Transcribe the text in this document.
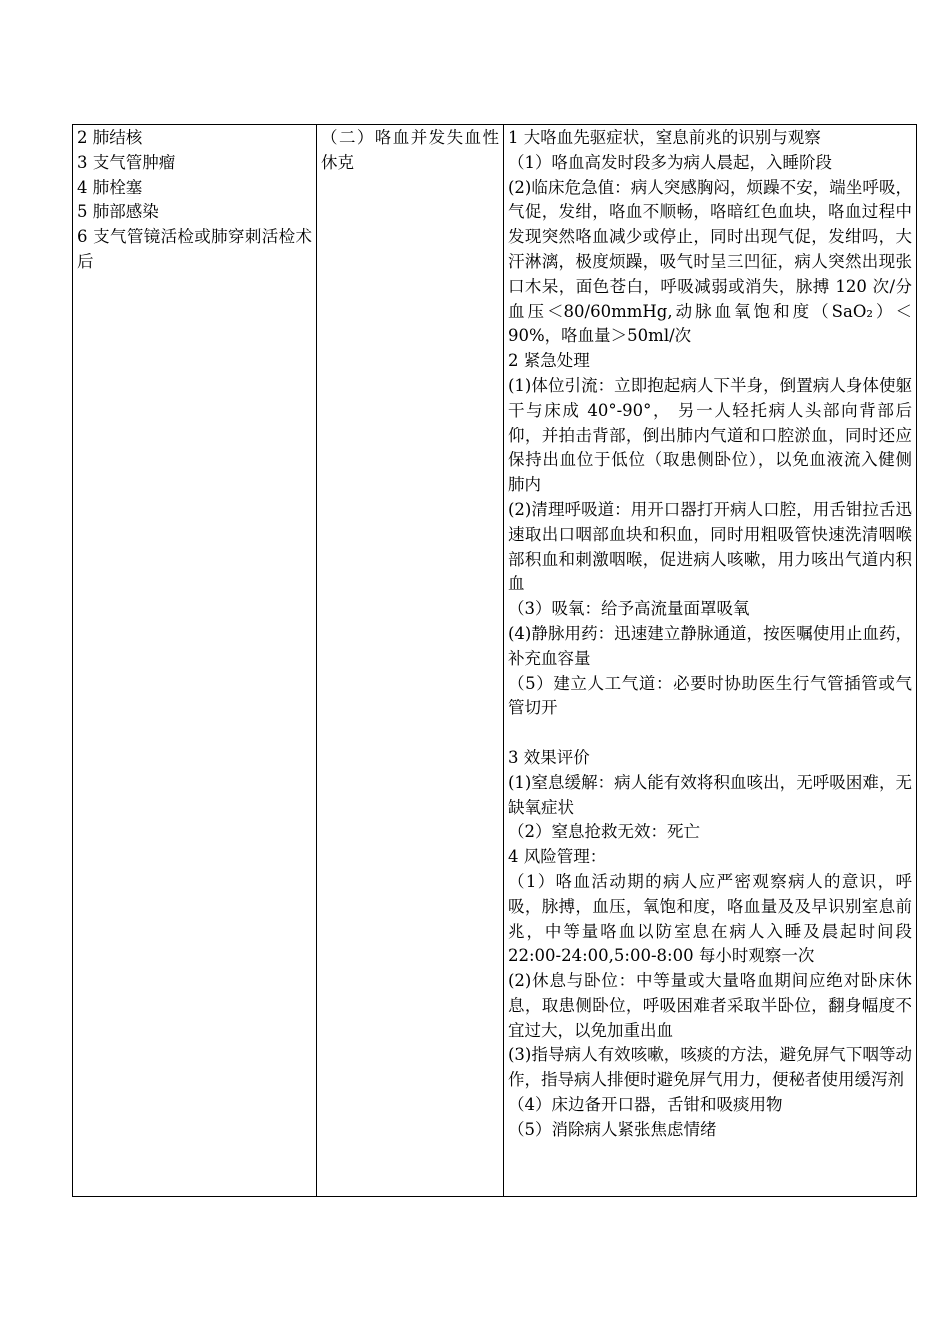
2 肺结核
3 支气管肿瘤
4 肺栓塞
5 肺部感染
6 支气管镜活检或肺穿刺活检术后

（二）咯血并发失血性休克

1 大咯血先驱症状，窒息前兆的识别与观察
（1）咯血高发时段多为病人晨起，入睡阶段
(2)临床危急值：病人突感胸闷，烦躁不安，端坐呼吸，气促，发绀，咯血不顺畅，咯暗红色血块，咯血过程中发现突然咯血减少或停止，同时出现气促，发绀吗，大汗淋漓，极度烦躁，吸气时呈三凹征，病人突然出现张口木呆，面色苍白，呼吸减弱或消失，脉搏 120 次/分血压＜80/60mmHg,动脉血氧饱和度（SaO₂）＜90%，咯血量＞50ml/次
2 紧急处理
(1)体位引流：立即抱起病人下半身，倒置病人身体使躯干与床成 40°-90°， 另一人轻托病人头部向背部后仰，并拍击背部，倒出肺内气道和口腔淤血，同时还应保持出血位于低位（取患侧卧位），以免血液流入健侧肺内
(2)清理呼吸道：用开口器打开病人口腔，用舌钳拉舌迅速取出口咽部血块和积血，同时用粗吸管快速洗清咽喉部积血和刺激咽喉，促进病人咳嗽，用力咳出气道内积血
（3）吸氧：给予高流量面罩吸氧
(4)静脉用药：迅速建立静脉通道，按医嘱使用止血药，补充血容量
（5）建立人工气道：必要时协助医生行气管插管或气管切开
3 效果评价
(1)窒息缓解：病人能有效将积血咳出，无呼吸困难，无缺氧症状
（2）窒息抢救无效：死亡
4 风险管理：
（1）咯血活动期的病人应严密观察病人的意识，呼吸，脉搏，血压，氧饱和度，咯血量及及早识别室息前兆，中等量咯血以防室息在病人入睡及晨起时间段 22:00-24:00,5:00-8:00 每小时观察一次
(2)休息与卧位：中等量或大量咯血期间应绝对卧床休息，取患侧卧位，呼吸困难者采取半卧位，翻身幅度不宜过大，以免加重出血
(3)指导病人有效咳嗽，咳痰的方法，避免屏气下咽等动作，指导病人排便时避免屏气用力，便秘者使用缓泻剂
（4）床边备开口器，舌钳和吸痰用物
（5）消除病人紧张焦虑情绪
